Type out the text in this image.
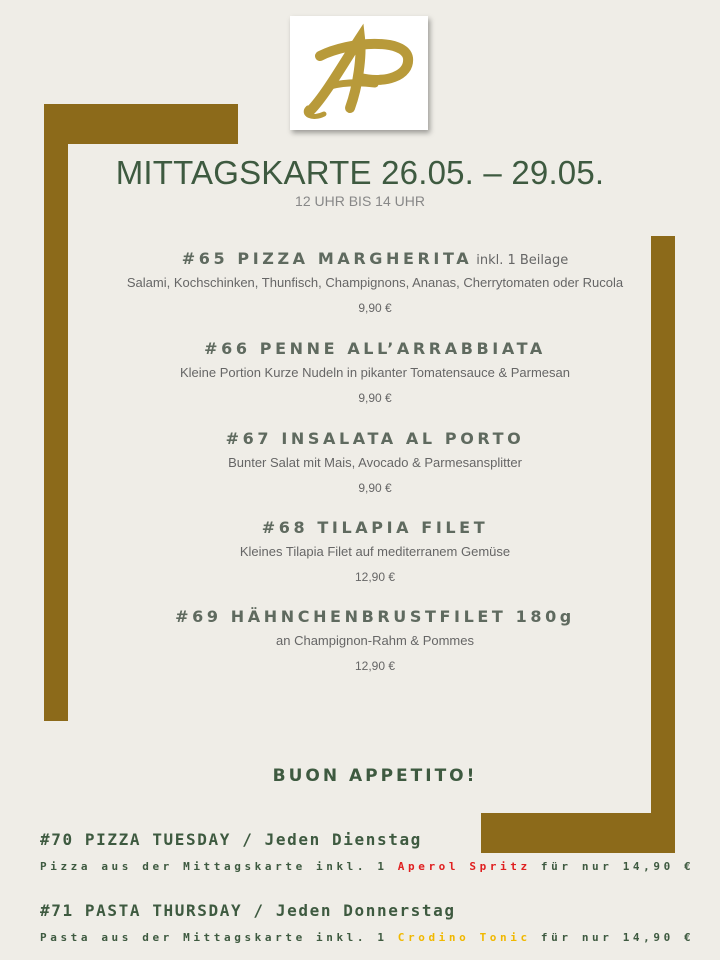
MITTAGSKARTE 26.05. – 29.05.
12 UHR BIS 14 UHR
#65 PIZZA MARGHERITA inkl. 1 Beilage
Salami, Kochschinken, Thunfisch, Champignons, Ananas, Cherrytomaten oder Rucola
9,90 €
#66 PENNE ALL’ARRABBIATA
Kleine Portion Kurze Nudeln in pikanter Tomatensauce & Parmesan
9,90 €
#67 INSALATA AL PORTO
Bunter Salat mit Mais, Avocado & Parmesansplitter
9,90 €
#68 TILAPIA FILET
Kleines Tilapia Filet auf mediterranem Gemüse
12,90 €
#69 HÄHNCHENBRUSTFILET 180g
an Champignon-Rahm & Pommes
12,90 €
BUON APPETITO!
#70 PIZZA TUESDAY / Jeden Dienstag
Pizza aus der Mittagskarte inkl. 1 Aperol Spritz für nur 14,90 €
#71 PASTA THURSDAY / Jeden Donnerstag
Pasta aus der Mittagskarte inkl. 1 Crodino Tonic für nur 14,90 €
